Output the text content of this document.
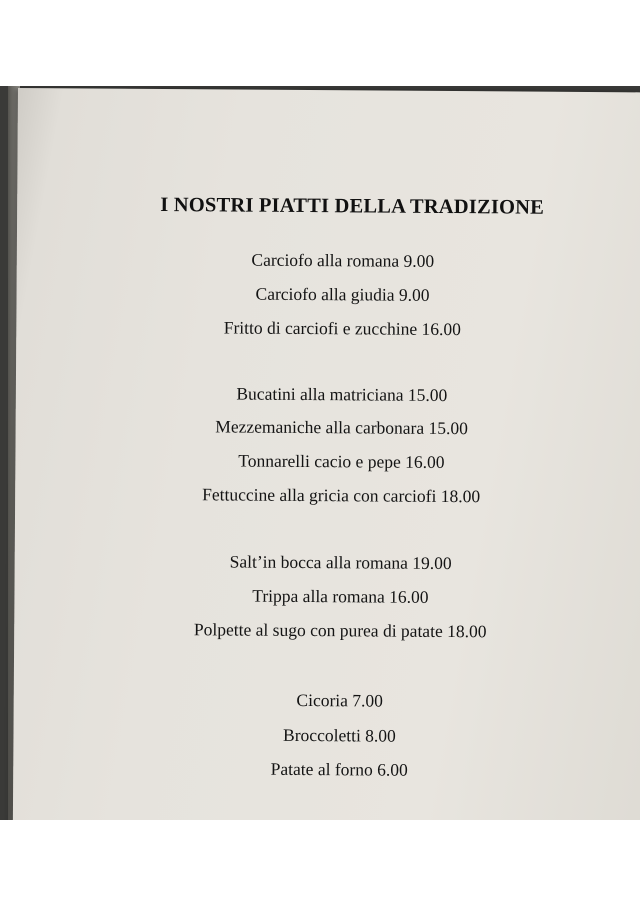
I NOSTRI PIATTI DELLA TRADIZIONE
Carciofo alla romana 9.00
Carciofo alla giudia 9.00
Fritto di carciofi e zucchine 16.00
Bucatini alla matriciana 15.00
Mezzemaniche alla carbonara 15.00
Tonnarelli cacio e pepe 16.00
Fettuccine alla gricia con carciofi 18.00
Salt’in bocca alla romana 19.00
Trippa alla romana 16.00
Polpette al sugo con purea di patate 18.00
Cicoria 7.00
Broccoletti 8.00
Patate al forno 6.00
